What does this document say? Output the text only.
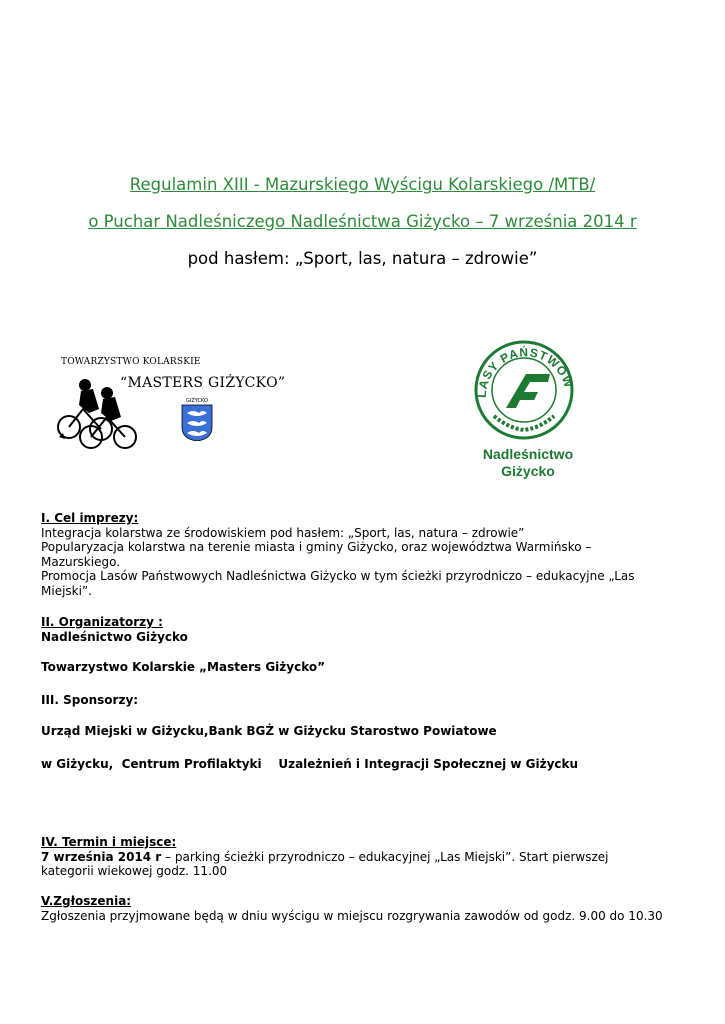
Regulamin XIII - Mazurskiego Wyścigu Kolarskiego /MTB/
o Puchar Nadleśniczego Nadleśnictwa Giżycko – 7 września 2014 r
pod hasłem: „Sport, las, natura – zdrowie”
TOWARZYSTWO KOLARSKIE
“MASTERS GIŻYCKO”
GIŻYCKO
LASY PAŃSTWOW
Nadleśnictwo
Giżycko
I. Cel imprezy:
Integracja kolarstwa ze środowiskiem pod hasłem: „Sport, las, natura – zdrowie”
Popularyzacja kolarstwa na terenie miasta i gminy Giżycko, oraz województwa Warmińsko –
Mazurskiego.
Promocja Lasów Państwowych Nadleśnictwa Giżycko w tym ścieżki przyrodniczo – edukacyjne „Las
Miejski”.
II. Organizatorzy :
Nadleśnictwo Giżycko
Towarzystwo Kolarskie „Masters Giżycko”
III. Sponsorzy:
Urząd Miejski w Giżycku,Bank BGŻ w Giżycku Starostwo Powiatowe
w Giżycku,  Centrum Profilaktyki    Uzależnień i Integracji Społecznej w Giżycku
IV. Termin i miejsce:
7 września 2014 r – parking ścieżki przyrodniczo – edukacyjnej „Las Miejski”. Start pierwszej
kategorii wiekowej godz. 11.00
V.Zgłoszenia:
Zgłoszenia przyjmowane będą w dniu wyścigu w miejscu rozgrywania zawodów od godz. 9.00 do 10.30
